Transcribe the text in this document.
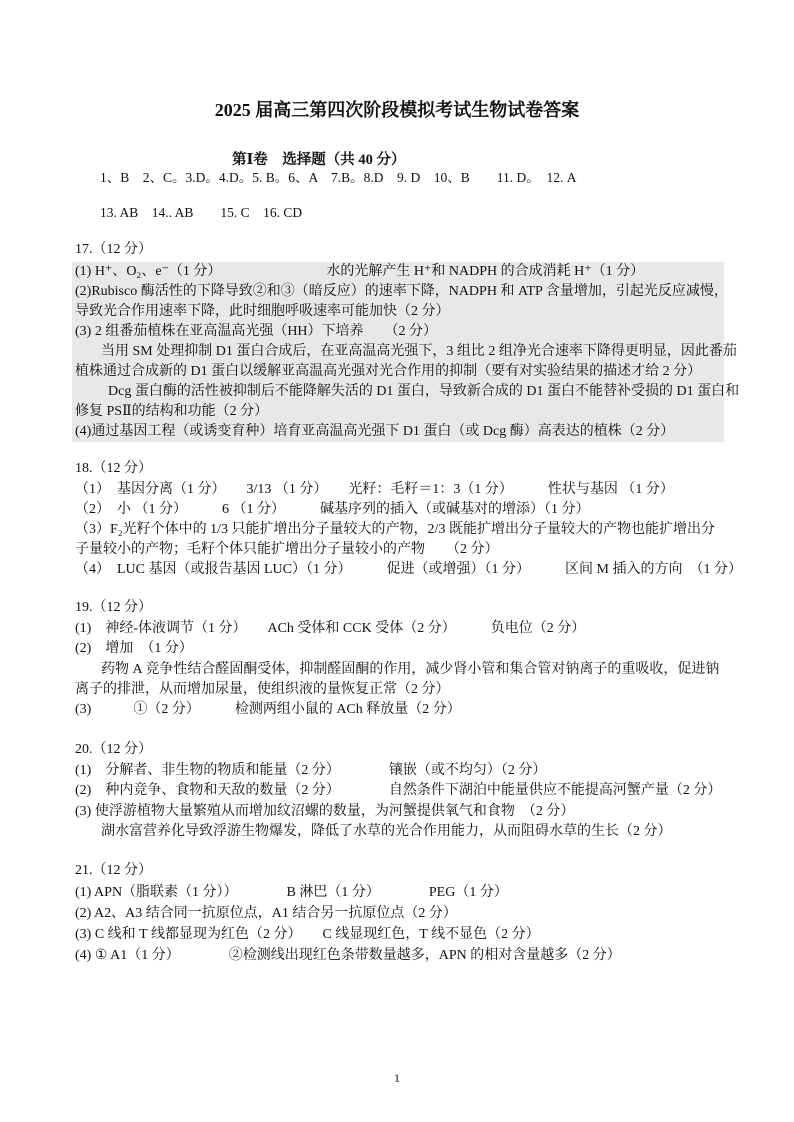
2025 届高三第四次阶段模拟考试生物试卷答案
第Ⅰ卷　选择题（共 40 分）
1、B　2、C。3.D。4.D。5. B。6、A　7.B。8.D　9. D　10、B　　11. D。　12. A
13. AB　14.. AB　　15. C　16. CD
17.（12 分）
(1) H⁺、O₂、e⁻（1 分）　　　　　　　　水的光解产生 H⁺和 NADPH 的合成消耗 H⁺（1 分）
(2)Rubisco 酶活性的下降导致②和③（暗反应）的速率下降，NADPH 和 ATP 含量增加，引起光反应减慢，
导致光合作用速率下降，此时细胞呼吸速率可能加快（2 分）
(3) 2 组番茄植株在亚高温高光强（HH）下培养　　（2 分）
当用 SM 处理抑制 D1 蛋白合成后，在亚高温高光强下，3 组比 2 组净光合速率下降得更明显，因此番茄
植株通过合成新的 D1 蛋白以缓解亚高温高光强对光合作用的抑制（要有对实验结果的描述才给 2 分）
Dcg 蛋白酶的活性被抑制后不能降解失活的 D1 蛋白，导致新合成的 D1 蛋白不能替补受损的 D1 蛋白和
修复 PSⅡ的结构和功能（2 分）
(4)通过基因工程（或诱变育种）培育亚高温高光强下 D1 蛋白（或 Dcg 酶）高表达的植株（2 分）
18.（12 分）
（1）　基因分离（1 分）　　3/13 （1 分）　　光籽：毛籽＝1：3（1 分）　　　性状与基因 （1 分）
（2）　小 （1 分）　　　6 （1 分）　　　碱基序列的插入（或碱基对的增添）（1 分）
（3）F₂光籽个体中的 1/3 只能扩增出分子量较大的产物，2/3 既能扩增出分子量较大的产物也能扩增出分
子量较小的产物；毛籽个体只能扩增出分子量较小的产物　　（2 分）
（4）　LUC 基因（或报告基因 LUC）（1 分）　　　促进（或增强）（1 分）　　　区间 M 插入的方向　（1 分）
19.（12 分）
(1)　神经-体液调节（1 分）　　ACh 受体和 CCK 受体（2 分）　　　负电位（2 分）
(2)　增加　（1 分）
药物 A 竞争性结合醛固酮受体，抑制醛固酮的作用，减少肾小管和集合管对钠离子的重吸收，促进钠
离子的排泄，从而增加尿量，使组织液的量恢复正常（2 分）
(3)　　　①（2 分）　　　检测两组小鼠的 ACh 释放量（2 分）
20.（12 分）
(1)　分解者、非生物的物质和能量（2 分）　　　　镶嵌（或不均匀）（2 分）
(2)　种内竞争、食物和天敌的数量（2 分）　　　　自然条件下湖泊中能量供应不能提高河蟹产量（2 分）
(3) 使浮游植物大量繁殖从而增加纹沼螺的数量，为河蟹提供氧气和食物　（2 分）
湖水富营养化导致浮游生物爆发，降低了水草的光合作用能力，从而阻碍水草的生长（2 分）
21.（12 分）
(1) APN（脂联素（1 分））　　　　B 淋巴（1 分）　　　　PEG（1 分）
(2) A2、A3 结合同一抗原位点，A1 结合另一抗原位点（2 分）
(3) C 线和 T 线都显现为红色（2 分）　　C 线显现红色，T 线不显色（2 分）
(4) ① A1（1 分）　　　　②检测线出现红色条带数量越多，APN 的相对含量越多（2 分）
1
